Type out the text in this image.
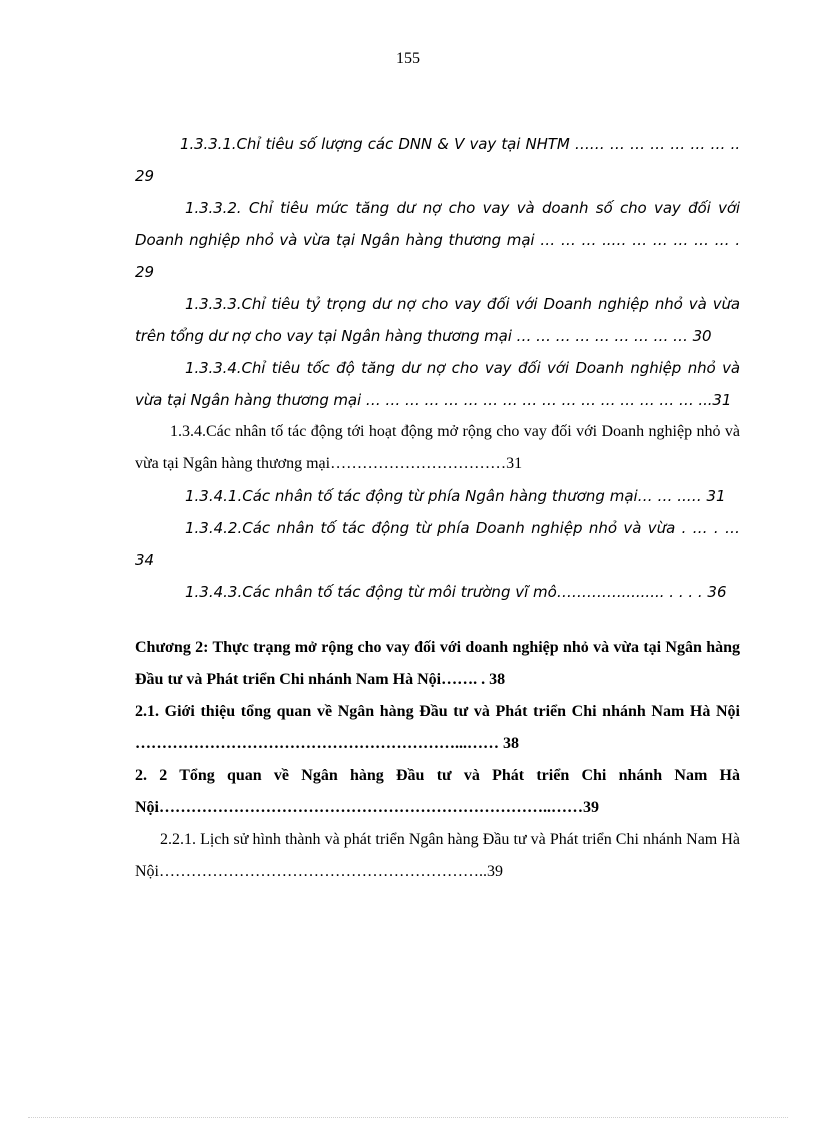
155

1.3.3.1.Chỉ tiêu số lượng các DNN & V vay tại NHTM …… … … … … … … .. 29

1.3.3.2. Chỉ tiêu mức tăng dư nợ cho vay và doanh số cho vay đối với Doanh nghiệp nhỏ và vừa tại Ngân hàng thương mại … … … ..… … … … … … . 29

1.3.3.3.Chỉ tiêu tỷ trọng dư nợ cho vay đối với Doanh nghiệp nhỏ và vừa trên tổng dư nợ cho vay tại Ngân hàng thương mại … … … … … … … … … 30

1.3.3.4.Chỉ tiêu tốc độ tăng dư nợ cho vay đối với Doanh nghiệp nhỏ và vừa tại Ngân hàng thương mại … … … … … … … … … … … … … … … … … ...31

1.3.4.Các nhân tố tác động tới hoạt động mở rộng cho vay đối với Doanh nghiệp nhỏ và vừa tại Ngân hàng thương mại……………………………31

1.3.4.1.Các nhân tố tác động từ phía Ngân hàng thương mại… … ..… 31

1.3.4.2.Các nhân tố tác động từ phía Doanh nghiệp nhỏ và vừa . … . … 34

1.3.4.3.Các nhân tố tác động từ môi trường vĩ mô………….......... . . . . 36

Chương 2: Thực trạng mở rộng cho vay đối với doanh nghiệp nhỏ và vừa tại Ngân hàng Đầu tư và Phát triển Chi nhánh Nam Hà Nội……. . 38

2.1. Giới thiệu tổng quan về Ngân hàng Đầu tư và Phát triển Chi nhánh Nam Hà Nội ……………………………………………………...…… 38

2. 2 Tổng quan về Ngân hàng Đầu tư và Phát triển Chi nhánh Nam Hà Nội………………………………………………………………..……39

2.2.1. Lịch sử hình thành và phát triển Ngân hàng Đầu tư và Phát triển Chi nhánh Nam Hà Nội……………………………………………………..39
